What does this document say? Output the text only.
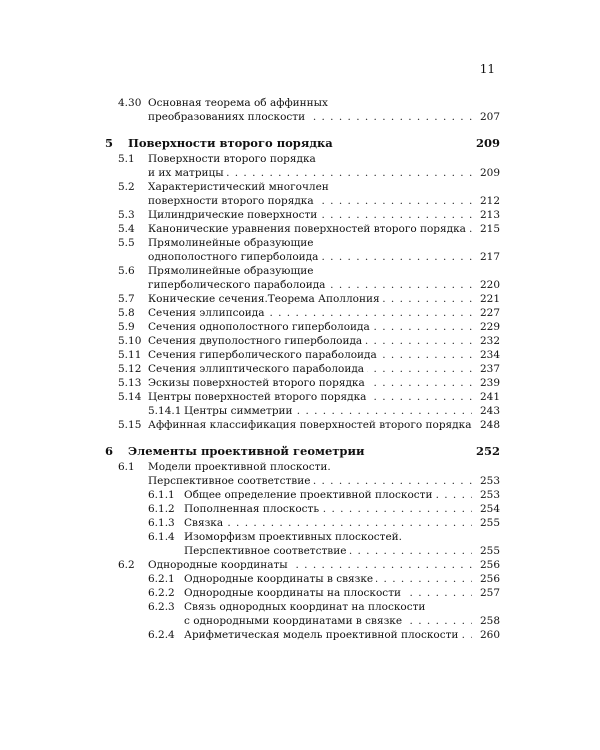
11
4.30 Основная теорема об аффинных
преобразованиях плоскости . . .	207
5 Поверхности второго порядка	209
5.1 Поверхности второго порядка
и их матрицы . . .	209
5.2 Характеристический многочлен
поверхности второго порядка . . .	212
5.3 Цилиндрические поверхности . . .	213
5.4 Канонические уравнения поверхностей второго порядка . . .	215
5.5 Прямолинейные образующие
однополостного гиперболоида . . .	217
5.6 Прямолинейные образующие
гиперболического параболоида . . .	220
5.7 Конические сечения.Теорема Аполлония . . .	221
5.8 Сечения эллипсоида . . .	227
5.9 Сечения однополостного гиперболоида . . .	229
5.10 Сечения двуполостного гиперболоида . . .	232
5.11 Сечения гиперболического параболоида . . .	234
5.12 Сечения эллиптического параболоида . . .	237
5.13 Эскизы поверхностей второго порядка . . .	239
5.14 Центры поверхностей второго порядка . . .	241
5.14.1 Центры симметрии . . .	243
5.15 Аффинная классификация поверхностей второго порядка . . . 248
6 Элементы проективной геометрии	252
6.1 Модели проективной плоскости.
Перспективное соответствие . . .	253
6.1.1 Общее определение проективной плоскости . . .	253
6.1.2 Пополненная плоскость . . .	254
6.1.3 Связка . . .	255
6.1.4 Изоморфизм проективных плоскостей.
Перспективное соответствие . . .	255
6.2 Однородные координаты . . .	256
6.2.1 Однородные координаты в связке . . .	256
6.2.2 Однородные координаты на плоскости . . .	257
6.2.3 Связь однородных координат на плоскости
с однородными координатами в связке . . .	258
6.2.4 Арифметическая модель проективной плоскости . . .	260
